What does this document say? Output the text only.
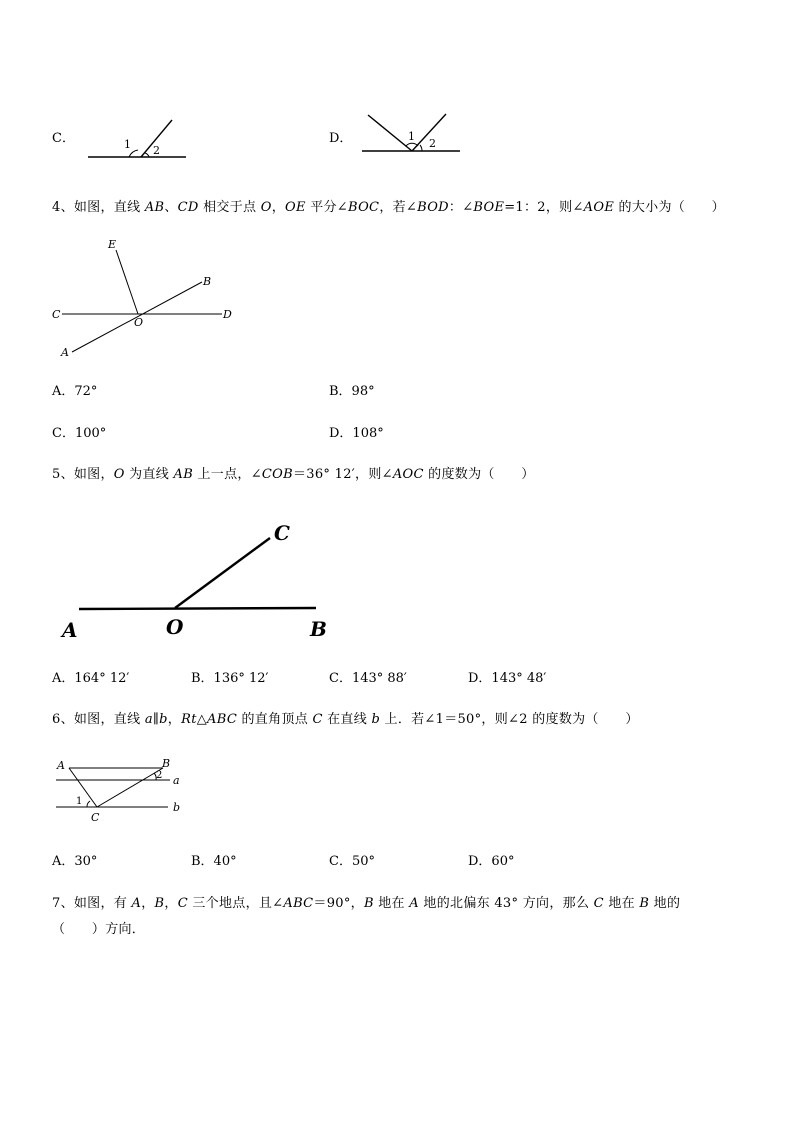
C．	1 2
D．	1
2
4、如图，直线 AB、CD 相交于点 O，OE 平分∠BOC，若∠BOD：∠BOE=1：2，则∠AOE 的大小为（　　）
E
B
C
O
D
A
A．72°	B．98°
C．100°	D．108°
5、如图，O 为直线 AB 上一点，∠COB＝36° 12′，则∠AOC 的度数为（　　）
A	O	B
C
A．164° 12′	B．136° 12′	C．143° 88′	D．143° 48′
6、如图，直线 a∥b，Rt△ABC 的直角顶点 C 在直线 b 上．若∠1＝50°，则∠2 的度数为（　　）
A	B
C
a
b
1
2
A．30°	B．40°	C．50°	D．60°
7、如图，有 A，B，C 三个地点，且∠ABC＝90°，B 地在 A 地的北偏东 43° 方向，那么 C 地在 B 地的
（　　）方向．
